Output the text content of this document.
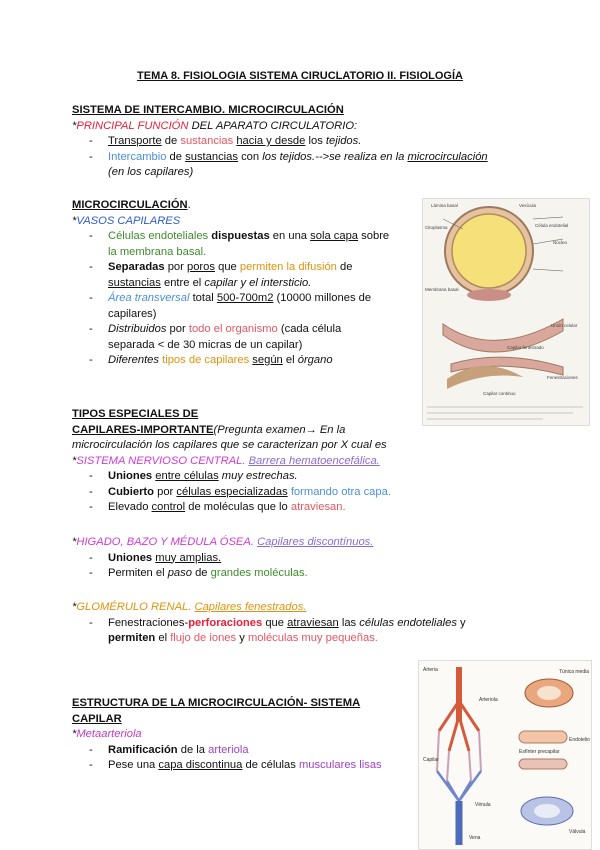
TEMA 8. FISIOLOGIA SISTEMA CIRUCLATORIO II. FISIOLOGÍA
SISTEMA DE INTERCAMBIO. MICROCIRCULACIÓN
*PRINCIPAL FUNCIÓN DEL APARATO CIRCULATORIO:
- Transporte de sustancias hacia y desde los tejidos.
- Intercambio de sustancias con los tejidos.-->se realiza en la microcirculación
(en los capilares)
MICROCIRCULACIÓN.
*VASOS CAPILARES
- Células endoteliales dispuestas en una sola capa sobre
la membrana basal.
- Separadas por poros que permiten la difusión de
sustancias entre el capilar y el intersticio.
- Área transversal total 500-700m2 (10000 millones de
capilares)
- Distribuidos por todo el organismo (cada célula
separada < de 30 micras de un capilar)
- Diferentes tipos de capilares según el órgano
Lámina basal	Vesícula
Célula endotelial
Núcleo
Citoplasma
Membrana basal
Unión celular
Capilar fenestrado
Capilar continuo
Fenestraciones
TIPOS ESPECIALES DE
CAPILARES-IMPORTANTE(Pregunta examen→ En la
microcirculación los capilares que se caracterizan por X cual es
*SISTEMA NERVIOSO CENTRAL. Barrera hematoencefálica.
- Uniones entre células muy estrechas.
- Cubierto por células especializadas formando otra capa.
- Elevado control de moléculas que lo atraviesan.
*HIGADO, BAZO Y MÉDULA ÓSEA. Capilares discontínuos.
- Uniones muy amplias.
- Permiten el paso de grandes moléculas.
*GLOMÉRULO RENAL. Capilares fenestrados.
- Fenestraciones-perforaciones que atraviesan las células endoteliales y
permiten el flujo de iones y moléculas muy pequeñas.
ESTRUCTURA DE LA MICROCIRCULACIÓN- SISTEMA
CAPILAR
*Metaarteriola
- Ramificación de la arteriola
- Pese una capa discontinua de células musculares lisas
Arteria
Arteriola
Capilar
Vénula
Vena
Esfínter precapilar
Túnica media
Endotelio
Válvula
